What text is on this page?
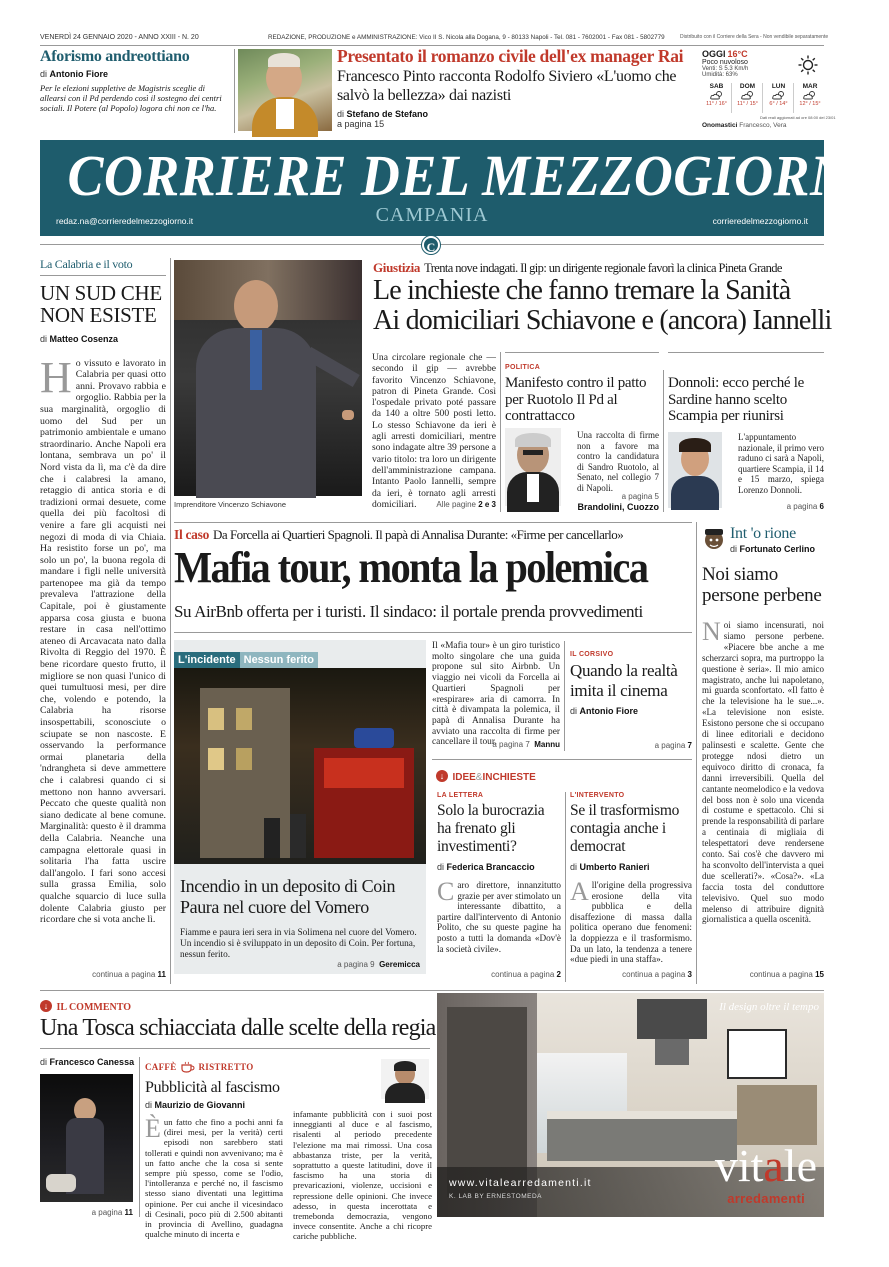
VENERDÌ 24 GENNAIO 2020 - ANNO XXIII - N. 20	REDAZIONE, PRODUZIONE e AMMINISTRAZIONE: Vico II S. Nicola alla Dogana, 9 - 80133 Napoli - Tel. 081 - 7602001 - Fax 081 - 5802779	Distribuito con il Corriere della Sera - Non vendibile separatamente
Aforismo andreottiano
di Antonio Fiore
Per le elezioni suppletive de Magistris sceglie di allearsi con il Pd perdendo così il sostegno dei centri sociali. Il Potere (al Popolo) logora chi non ce l'ha.
Presentato il romanzo civile dell'ex manager Rai
Francesco Pinto racconta Rodolfo Siviero «L'uomo che salvò la bellezza» dai nazisti
di Stefano de Stefano
a pagina 15
OGGI 16°C
Poco nuvoloso
Venti: S 5.3 Km/h
Umidità: 63%
SAB
11° / 16°
DOM
11° / 15°
LUN
6° / 14°
MAR
12° / 15°
Dati reali aggiornati ad ore 08:00 del 23/01
Onomastici Francesco, Vera
CORRIERE DEL MEZZOGIORNO
CAMPANIA
redaz.na@corrieredelmezzogiorno.it	corrieredelmezzogiorno.it
C
La Calabria e il voto
UN SUD CHE NON ESISTE
di Matteo Cosenza
Ho vissuto e lavorato in Calabria per quasi otto anni. Provavo rabbia e orgoglio. Rabbia per la sua marginalità, orgoglio di uomo del Sud per un patrimonio ambientale e umano straordinario. Anche Napoli era lontana, sembrava un po' il Nord vista da lì, ma c'è da dire che i calabresi la amano, retaggio di antica storia e di tradizioni ormai desuete, come quella dei più facoltosi di venire a fare gli acquisti nei negozi di moda di via Chiaia. Ha resistito forse un po', ma solo un po', la buona regola di mandare i figli nelle università partenopee ma già da tempo prevaleva l'attrazione della Capitale, poi è giustamente apparsa cosa giusta e buona restare in casa nell'ottimo ateneo di Arcavacata nato dalla Rivolta di Reggio del 1970. È bene ricordare questo frutto, il migliore se non quasi l'unico di quei tumultuosi mesi, per dire che, volendo e potendo, la Calabria ha risorse insospettabili, sconosciute o sciupate se non nascoste. E osservando la performance ormai planetaria della 'ndrangheta si deve ammettere che i calabresi quando ci si mettono non hanno avversari. Peccato che queste qualità non siano dedicate al bene comune. Marginalità: questo è il dramma della Calabria. Neanche una campagna elettorale quasi in solitaria l'ha fatta uscire dall'angolo. I fari sono accesi sulla grassa Emilia, solo qualche squarcio di luce sulla dolente Calabria giusto per ricordare che si vota anche lì.
continua a pagina 11
Imprenditore Vincenzo Schiavone
Giustizia Trenta nove indagati. Il gip: un dirigente regionale favorì la clinica Pineta Grande
Le inchieste che fanno tremare la Sanità
Ai domiciliari Schiavone e (ancora) Iannelli
Una circolare regionale che — secondo il gip — avrebbe favorito Vincenzo Schiavone, patron di Pineta Grande. Così l'ospedale privato poté passare da 140 a oltre 500 posti letto. Lo stesso Schiavone da ieri è agli arresti domiciliari, mentre sono indagate altre 39 persone a vario titolo: tra loro un dirigente dell'amministrazione campana. Intanto Paolo Iannelli, sempre da ieri, è tornato agli arresti domiciliari.	Alle pagine 2 e 3
POLITICA
Manifesto contro il patto per Ruotolo Il Pd al contrattacco
Una raccolta di firme non a favore ma contro la candidatura di Sandro Ruotolo, al Senato, nel collegio 7 di Napoli.
a pagina 5
Brandolini, Cuozzo
Donnoli: ecco perché le Sardine hanno scelto Scampia per riunirsi
L'appuntamento nazionale, il primo vero raduno ci sarà a Napoli, quartiere Scampia, il 14 e 15 marzo, spiega Lorenzo Donnoli.
a pagina 6
Il caso Da Forcella ai Quartieri Spagnoli. Il papà di Annalisa Durante: «Firme per cancellarlo»
Mafia tour, monta la polemica
Su AirBnb offerta per i turisti. Il sindaco: il portale prenda provvedimenti
L'incidente Nessun ferito
Incendio in un deposito di Coin Paura nel cuore del Vomero
Fiamme e paura ieri sera in via Solimena nel cuore del Vomero. Un incendio si è sviluppato in un deposito di Coin. Per fortuna, nessun ferito.
a pagina 9 Geremicca
Il «Mafia tour» è un giro turistico molto singolare che una guida propone sul sito Airbnb. Un viaggio nei vicoli da Forcella ai Quartieri Spagnoli per «respirare» aria di camorra. In città è divampata la polemica, il papà di Annalisa Durante ha avviato una raccolta di firme per cancellare il tour.
a pagina 7 Mannu
IL CORSIVO
Quando la realtà imita il cinema
di Antonio Fiore
a pagina 7
↓ IDEE&INCHIESTE
LA LETTERA
Solo la burocrazia ha frenato gli investimenti?
di Federica Brancaccio
Caro direttore, innanzitutto grazie per aver stimolato un interessante dibattito, a partire dall'intervento di Antonio Polito, che su queste pagine ha posto a tutti la domanda «Dov'è la società civile».
continua a pagina 2
L'INTERVENTO
Se il trasformismo contagia anche i democrat
di Umberto Ranieri
All'origine della progressiva erosione della vita pubblica e della disaffezione di massa dalla politica operano due fenomeni: la doppiezza e il trasformismo. Da un lato, la tendenza a tenere «due piedi in una staffa».
continua a pagina 3
Int 'o rione
di Fortunato Cerlino
Noi siamo persone perbene
Noi siamo incensurati, noi siamo persone perbene. «Piacere bbe anche a me scherzarci sopra, ma purtroppo la questione è seria». Il mio amico magistrato, anche lui napoletano, mi guarda sconfortato. «Il fatto è che la televisione ha le sue...». «La televisione non esiste. Esistono persone che si occupano di linee editoriali e decidono palinsesti e scalette. Gente che protegge ndosi dietro un equivoco diritto di cronaca, fa danni irreversibili. Quella del cantante neomelodico e la vedova del boss non è solo una vicenda di costume e spettacolo. Chi si prende la responsabilità di parlare a centinaia di migliaia di telespettatori deve rendersene conto. Sai cos'è che davvero mi ha sconvolto dell'intervista a quei due scellerati?». «Cosa?». «La faccia tosta del conduttore televisivo. Quel suo modo melenso di attribuire dignità giornalistica a quella oscenità.
continua a pagina 15
↓ IL COMMENTO
Una Tosca schiacciata dalle scelte della regia
di Francesco Canessa
a pagina 11
CAFFÈ RISTRETTO
Pubblicità al fascismo
di Maurizio de Giovanni
Èun fatto che fino a pochi anni fa (direi mesi, per la verità) certi episodi non sarebbero stati tollerati e quindi non avvenivano; ma è un fatto anche che la cosa si sente sempre più spesso, come se l'odio, l'intolleranza e perché no, il fascismo stesso siano diventati una legittima opinione. Per cui anche il vicesindaco di Cesinali, poco più di 2.500 abitanti in provincia di Avellino, guadagna qualche minuto di incerta e
infamante pubblicità con i suoi post inneggianti al duce e al fascismo, risalenti al periodo precedente l'elezione ma mai rimossi. Una cosa abbastanza triste, per la verità, soprattutto a queste latitudini, dove il fascismo ha una storia di prevaricazioni, violenze, uccisioni e repressione delle opinioni. Che invece adesso, in questa incerottata e tremebonda democrazia, vengono invece consentite. Anche a chi ricopre cariche pubbliche.
Il design oltre il tempo
www.vitalearredamenti.it
K. LAB BY ERNESTOMEDA
vitale
arredamenti
